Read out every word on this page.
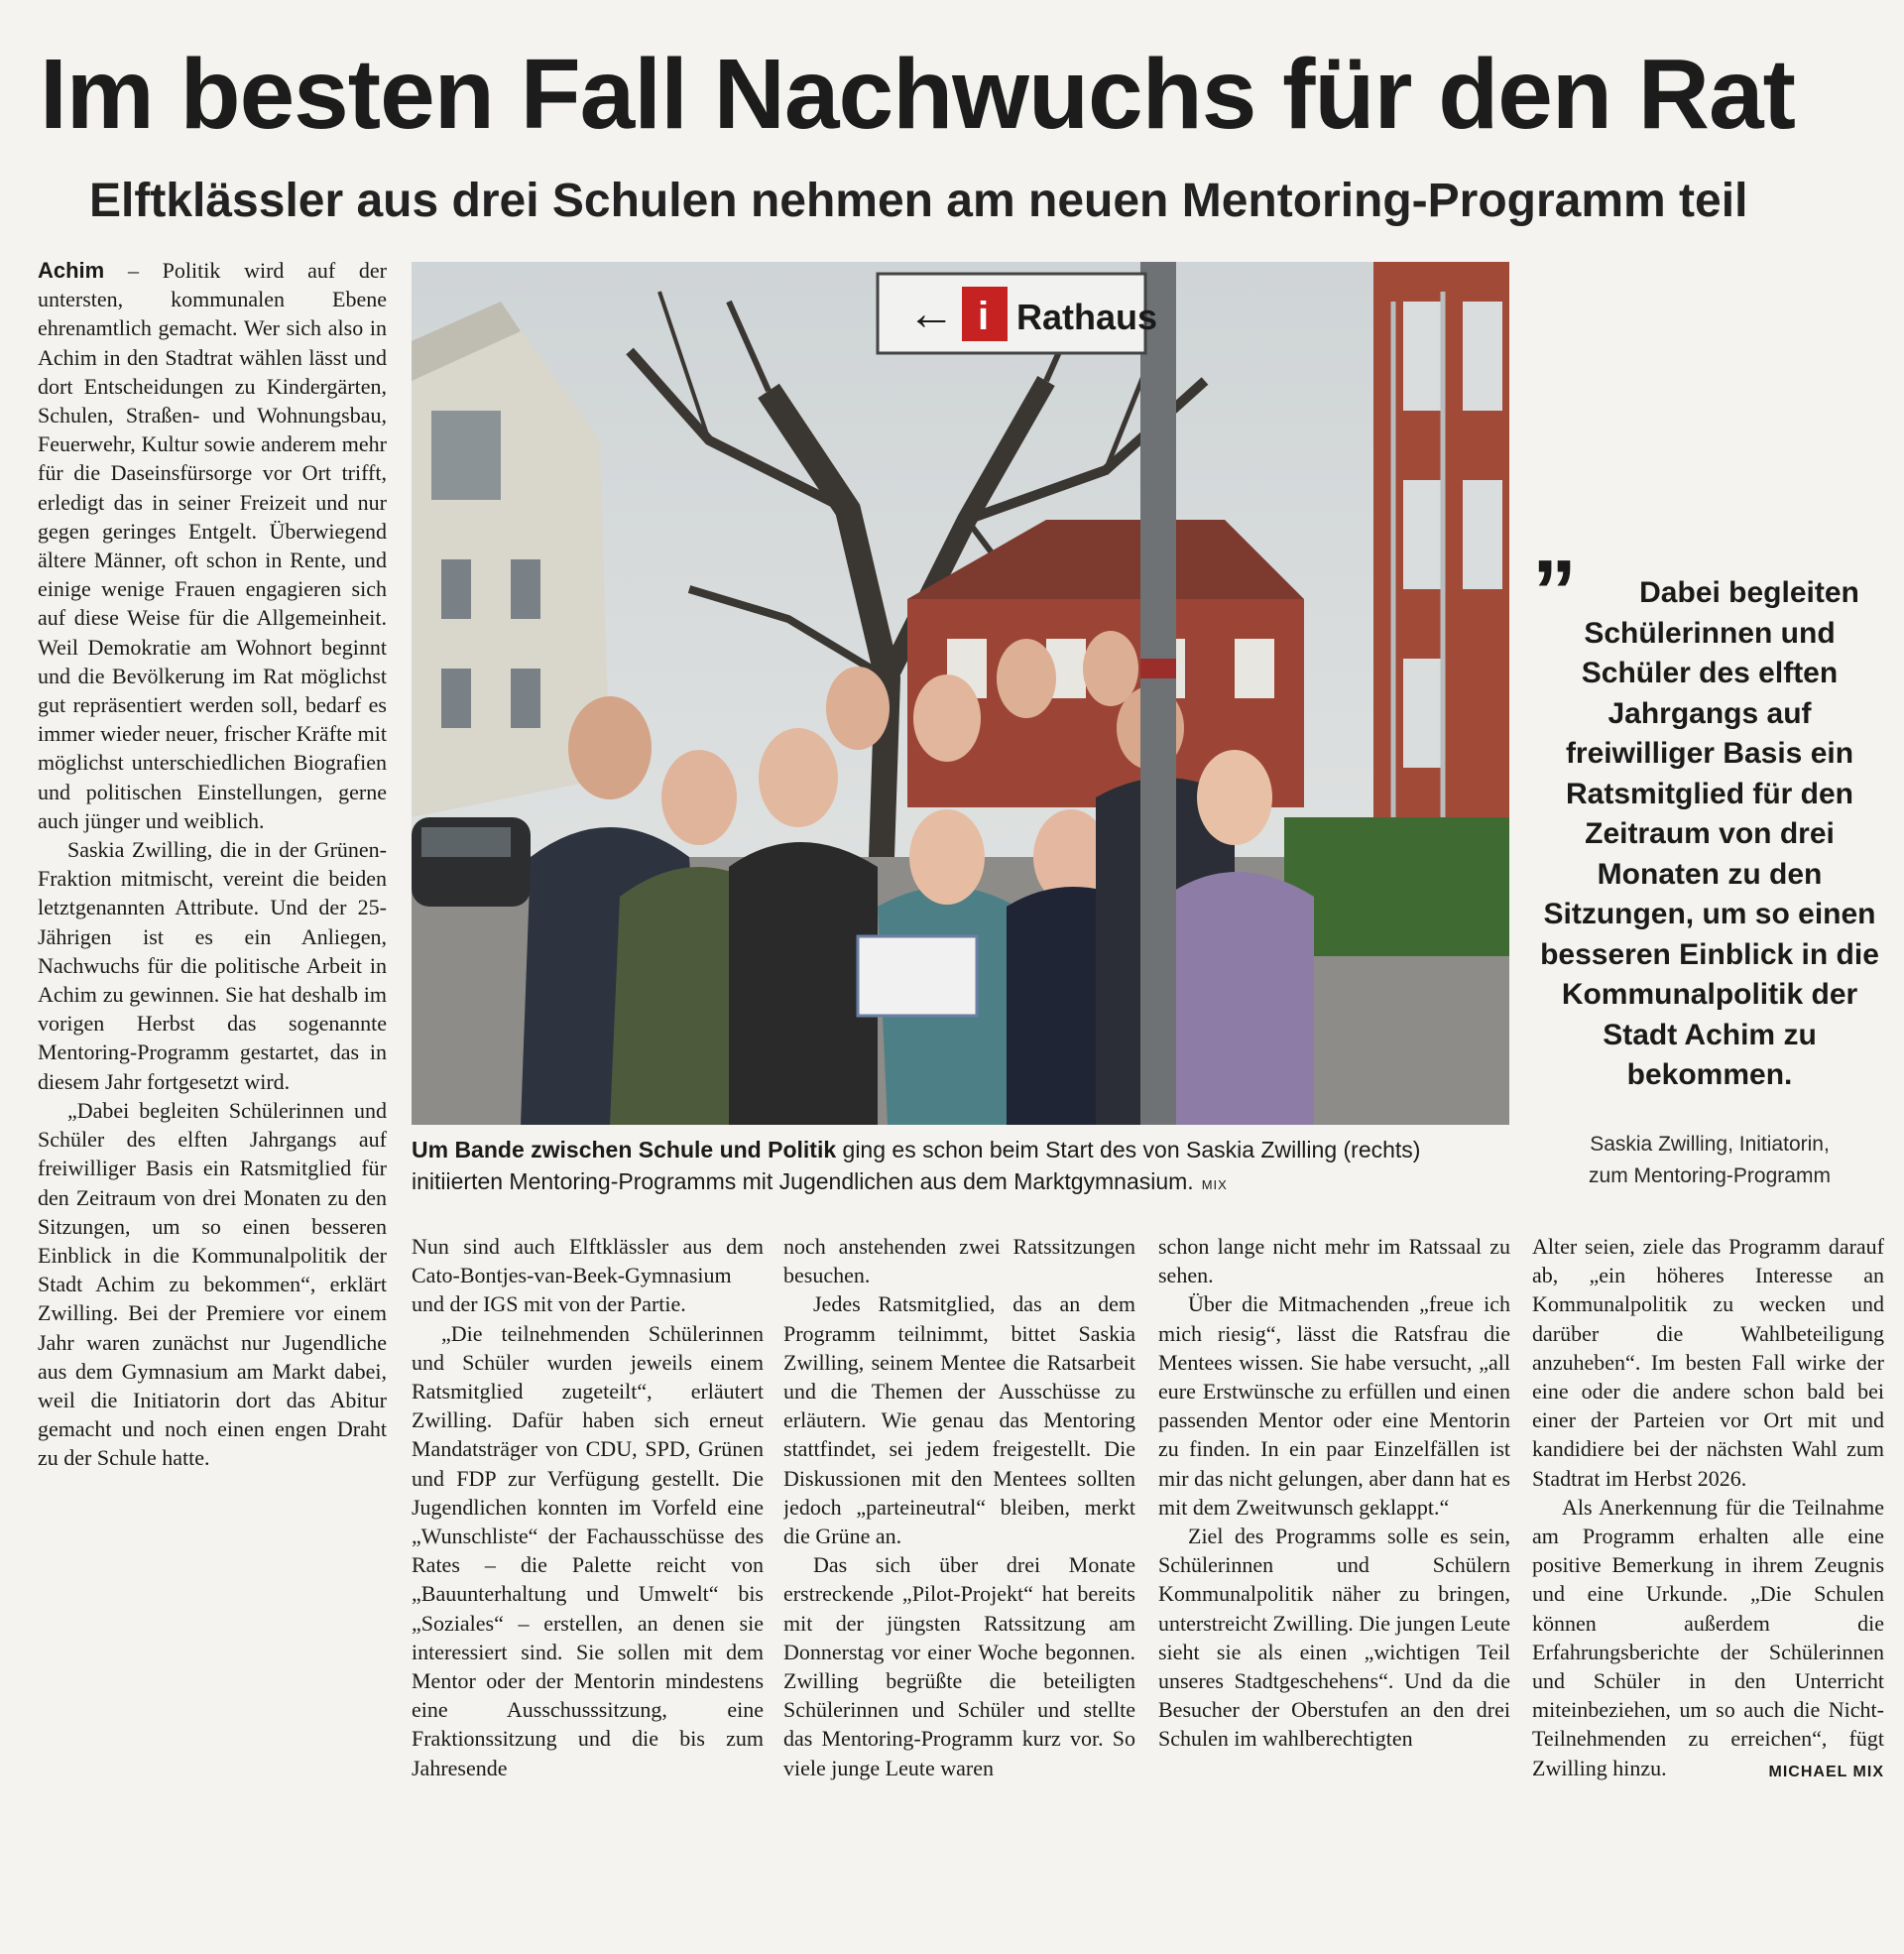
Im besten Fall Nachwuchs für den Rat
Elftklässler aus drei Schulen nehmen am neuen Mentoring-Programm teil

Achim – Politik wird auf der untersten, kommunalen Ebene ehrenamtlich gemacht. Wer sich also in Achim in den Stadtrat wählen lässt und dort Entscheidungen zu Kindergärten, Schulen, Straßen- und Wohnungsbau, Feuerwehr, Kultur sowie anderem mehr für die Daseinsfürsorge vor Ort trifft, erledigt das in seiner Freizeit und nur gegen geringes Entgelt. Überwiegend ältere Männer, oft schon in Rente, und einige wenige Frauen engagieren sich auf diese Weise für die Allgemeinheit. Weil Demokratie am Wohnort beginnt und die Bevölkerung im Rat möglichst gut repräsentiert werden soll, bedarf es immer wieder neuer, frischer Kräfte mit möglichst unterschiedlichen Biografien und politischen Einstellungen, gerne auch jünger und weiblich.

Saskia Zwilling, die in der Grünen-Fraktion mitmischt, vereint die beiden letztgenannten Attribute. Und der 25-Jährigen ist es ein Anliegen, Nachwuchs für die politische Arbeit in Achim zu gewinnen. Sie hat deshalb im vorigen Herbst das sogenannte Mentoring-Programm gestartet, das in diesem Jahr fortgesetzt wird.

„Dabei begleiten Schülerinnen und Schüler des elften Jahrgangs auf freiwilliger Basis ein Ratsmitglied für den Zeitraum von drei Monaten zu den Sitzungen, um so einen besseren Einblick in die Kommunalpolitik der Stadt Achim zu bekommen“, erklärt Zwilling. Bei der Premiere vor einem Jahr waren zunächst nur Jugendliche aus dem Gymnasium am Markt dabei, weil die Initiatorin dort das Abitur gemacht und noch einen engen Draht zu der Schule hatte.

← i Rathaus

Um Bande zwischen Schule und Politik ging es schon beim Start des von Saskia Zwilling (rechts) initiierten Mentoring-Programms mit Jugendlichen aus dem Marktgymnasium. MIX

”	Dabei begleiten Schülerinnen und Schüler des elften Jahrgangs auf freiwilliger Basis ein Ratsmitglied für den Zeitraum von drei Monaten zu den Sitzungen, um so einen besseren Einblick in die Kommunalpolitik der Stadt Achim zu bekommen.

Saskia Zwilling, Initiatorin,
zum Mentoring-Programm

Nun sind auch Elftklässler aus dem Cato-Bontjes-van-Beek-Gymnasium und der IGS mit von der Partie.

„Die teilnehmenden Schülerinnen und Schüler wurden jeweils einem Ratsmitglied zugeteilt“, erläutert Zwilling. Dafür haben sich erneut Mandatsträger von CDU, SPD, Grünen und FDP zur Verfügung gestellt. Die Jugendlichen konnten im Vorfeld eine „Wunschliste“ der Fachausschüsse des Rates – die Palette reicht von „Bauunterhaltung und Umwelt“ bis „Soziales“ – erstellen, an denen sie interessiert sind. Sie sollen mit dem Mentor oder der Mentorin mindestens eine Ausschusssitzung, eine Fraktionssitzung und die bis zum Jahresende

noch anstehenden zwei Ratssitzungen besuchen.

Jedes Ratsmitglied, das an dem Programm teilnimmt, bittet Saskia Zwilling, seinem Mentee die Ratsarbeit und die Themen der Ausschüsse zu erläutern. Wie genau das Mentoring stattfindet, sei jedem freigestellt. Die Diskussionen mit den Mentees sollten jedoch „parteineutral“ bleiben, merkt die Grüne an.

Das sich über drei Monate erstreckende „Pilot-Projekt“ hat bereits mit der jüngsten Ratssitzung am Donnerstag vor einer Woche begonnen. Zwilling begrüßte die beteiligten Schülerinnen und Schüler und stellte das Mentoring-Programm kurz vor. So viele junge Leute waren

schon lange nicht mehr im Ratssaal zu sehen.

Über die Mitmachenden „freue ich mich riesig“, lässt die Ratsfrau die Mentees wissen. Sie habe versucht, „all eure Erstwünsche zu erfüllen und einen passenden Mentor oder eine Mentorin zu finden. In ein paar Einzelfällen ist mir das nicht gelungen, aber dann hat es mit dem Zweitwunsch geklappt.“

Ziel des Programms solle es sein, Schülerinnen und Schülern Kommunalpolitik näher zu bringen, unterstreicht Zwilling. Die jungen Leute sieht sie als einen „wichtigen Teil unseres Stadtgeschehens“. Und da die Besucher der Oberstufen an den drei Schulen im wahlberechtigten

Alter seien, ziele das Programm darauf ab, „ein höheres Interesse an Kommunalpolitik zu wecken und darüber die Wahlbeteiligung anzuheben“. Im besten Fall wirke der eine oder die andere schon bald bei einer der Parteien vor Ort mit und kandidiere bei der nächsten Wahl zum Stadtrat im Herbst 2026.

Als Anerkennung für die Teilnahme am Programm erhalten alle eine positive Bemerkung in ihrem Zeugnis und eine Urkunde. „Die Schulen können außerdem die Erfahrungsberichte der Schülerinnen und Schüler in den Unterricht miteinbeziehen, um so auch die Nicht-Teilnehmenden zu erreichen“, fügt Zwilling hinzu.	MICHAEL MIX
